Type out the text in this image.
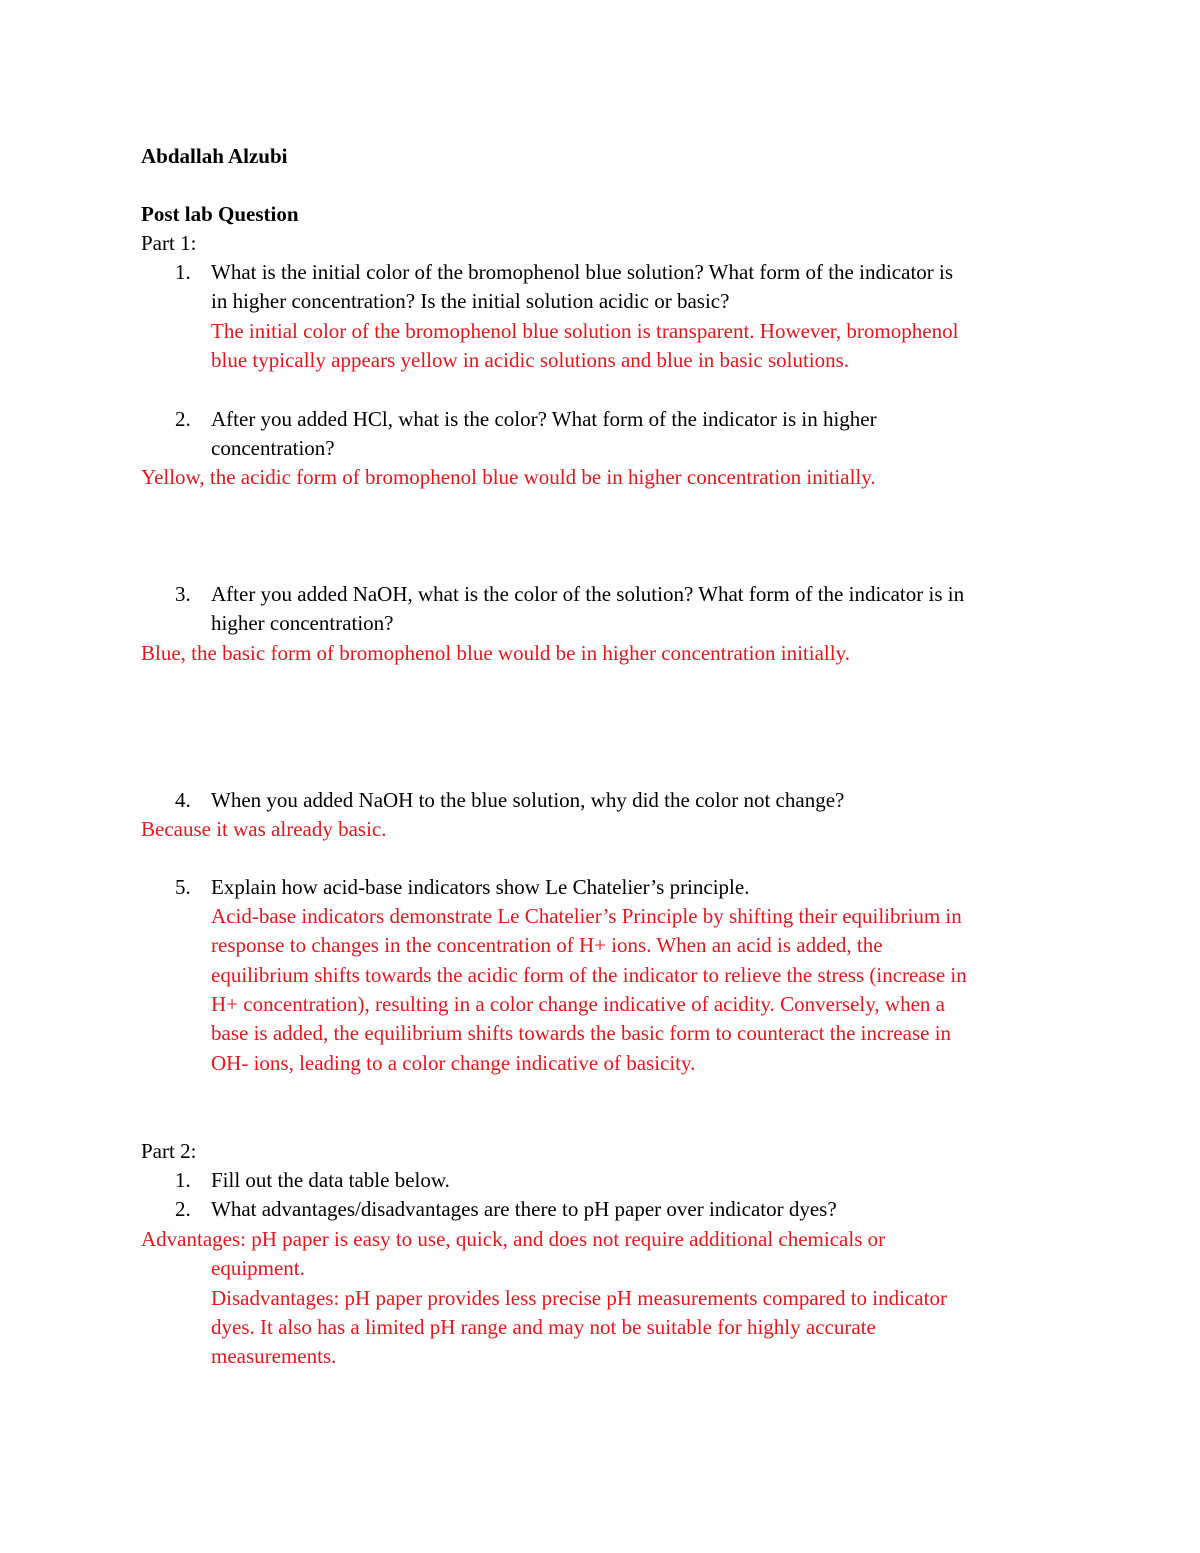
Abdallah Alzubi
Post lab Question
Part 1:
1. What is the initial color of the bromophenol blue solution? What form of the indicator is
in higher concentration? Is the initial solution acidic or basic?
The initial color of the bromophenol blue solution is transparent. However, bromophenol
blue typically appears yellow in acidic solutions and blue in basic solutions.
2. After you added HCl, what is the color? What form of the indicator is in higher
concentration?
Yellow, the acidic form of bromophenol blue would be in higher concentration initially.
3. After you added NaOH, what is the color of the solution? What form of the indicator is in
higher concentration?
Blue, the basic form of bromophenol blue would be in higher concentration initially.
4. When you added NaOH to the blue solution, why did the color not change?
Because it was already basic.
5. Explain how acid-base indicators show Le Chatelier’s principle.
Acid-base indicators demonstrate Le Chatelier’s Principle by shifting their equilibrium in
response to changes in the concentration of H+ ions. When an acid is added, the
equilibrium shifts towards the acidic form of the indicator to relieve the stress (increase in
H+ concentration), resulting in a color change indicative of acidity. Conversely, when a
base is added, the equilibrium shifts towards the basic form to counteract the increase in
OH- ions, leading to a color change indicative of basicity.
Part 2:
1. Fill out the data table below.
2. What advantages/disadvantages are there to pH paper over indicator dyes?
Advantages: pH paper is easy to use, quick, and does not require additional chemicals or
equipment.
Disadvantages: pH paper provides less precise pH measurements compared to indicator
dyes. It also has a limited pH range and may not be suitable for highly accurate
measurements.
